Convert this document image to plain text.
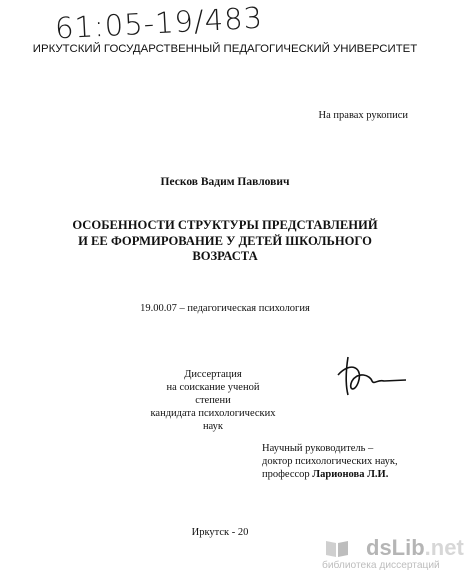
61:05-19/483
ИРКУТСКИЙ ГОСУДАРСТВЕННЫЙ ПЕДАГОГИЧЕСКИЙ УНИВЕРСИТЕТ
На правах рукописи
Песков Вадим Павлович
ОСОБЕННОСТИ СТРУКТУРЫ ПРЕДСТАВЛЕНИЙ
И ЕЕ ФОРМИРОВАНИЕ У ДЕТЕЙ ШКОЛЬНОГО
ВОЗРАСТА
19.00.07 – педагогическая психология
Диссертация
на соискание ученой степени
кандидата психологических наук
Научный руководитель –
доктор психологических наук,
профессор Ларионова Л.И.
Иркутск - 20
dsLib.net
библиотека диссертаций
